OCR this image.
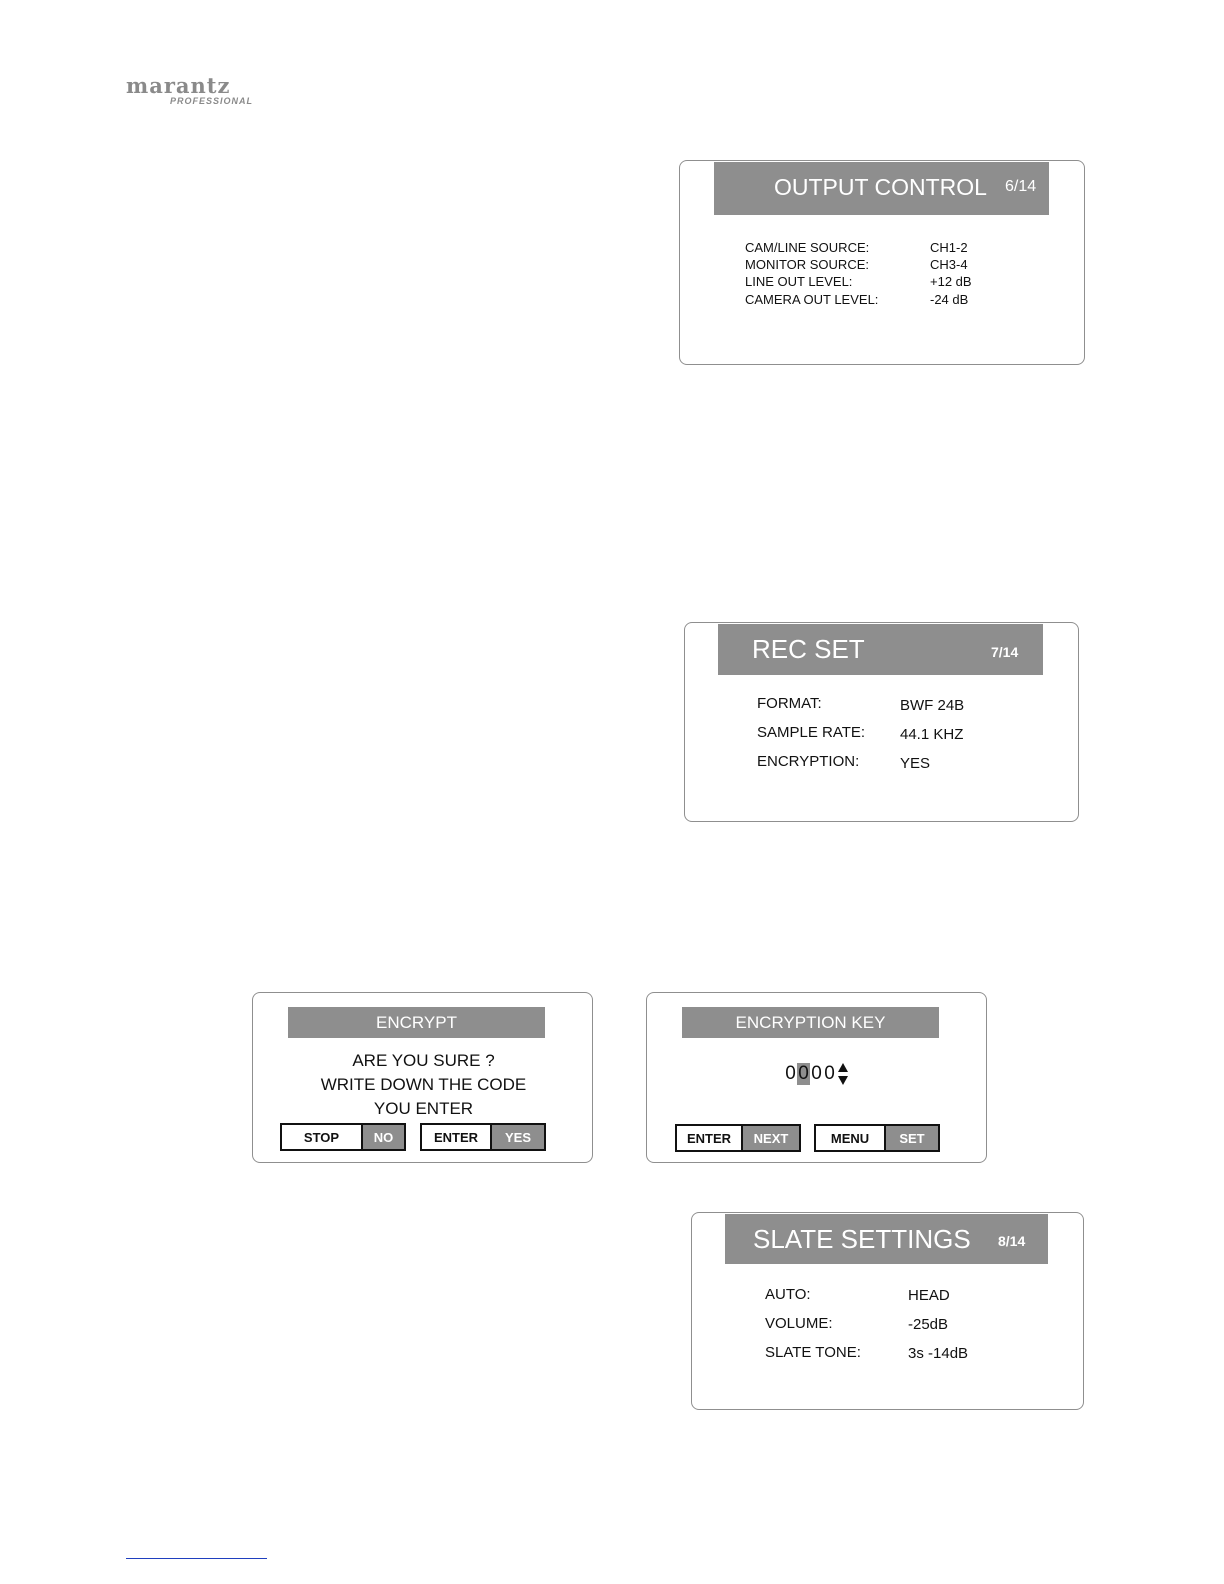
marantz
PROFESSIONAL
OUTPUT CONTROL 6/14
CAM/LINE SOURCE:	CH1-2
MONITOR SOURCE:	CH3-4
LINE OUT LEVEL:	+12 dB
CAMERA OUT LEVEL:	-24 dB
REC SET	7/14
FORMAT:	BWF 24B
SAMPLE RATE: 44.1 KHZ
ENCRYPTION:	YES
ENCRYPT
ARE YOU SURE ?
WRITE DOWN THE CODE
YOU ENTER
STOP	NO	ENTER	YES
ENCRYPTION KEY
0 0 0 0
ENTER	NEXT	MENU	SET
SLATE SETTINGS 8/14
AUTO:	HEAD
VOLUME:	-25dB
SLATE TONE:	3s -14dB
